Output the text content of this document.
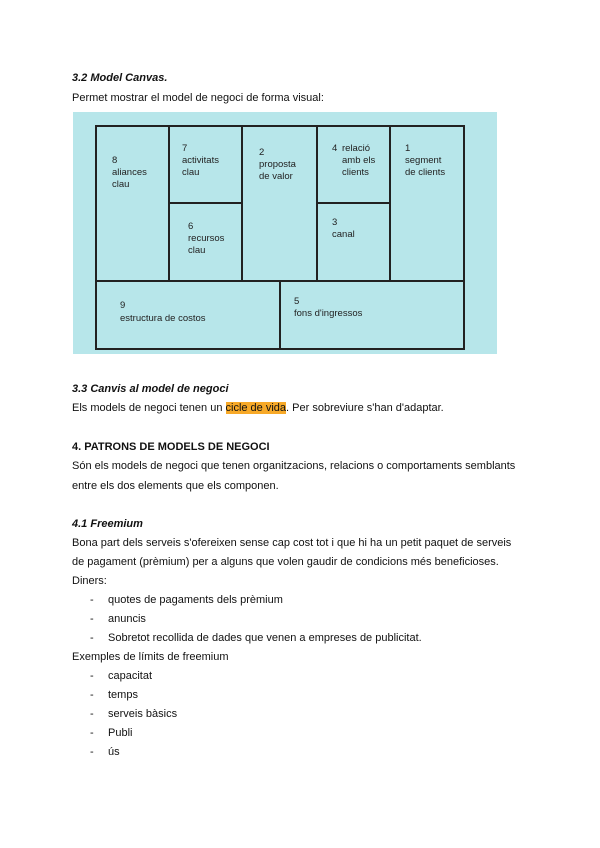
3.2 Model Canvas.
Permet mostrar el model de negoci de forma visual:
8
aliances
clau
7
activitats
clau
6
recursos
clau
2
proposta
de valor
4 relació
amb els
clients
3
canal
1
segment
de clients
9
estructura de costos
5
fons d'ingressos
3.3 Canvis al model de negoci
Els models de negoci tenen un cicle de vida. Per sobreviure s'han d'adaptar.
4. PATRONS DE MODELS DE NEGOCI
Són els models de negoci que tenen organitzacions, relacions o comportaments semblants
entre els dos elements que els componen.
4.1 Freemium
Bona part dels serveis s'ofereixen sense cap cost tot i que hi ha un petit paquet de serveis
de pagament (prèmium) per a alguns que volen gaudir de condicions més beneficioses.
Diners:
- quotes de pagaments dels prèmium
- anuncis
- Sobretot recollida de dades que venen a empreses de publicitat.
Exemples de límits de freemium
- capacitat
- temps
- serveis bàsics
- Publi
- ús
